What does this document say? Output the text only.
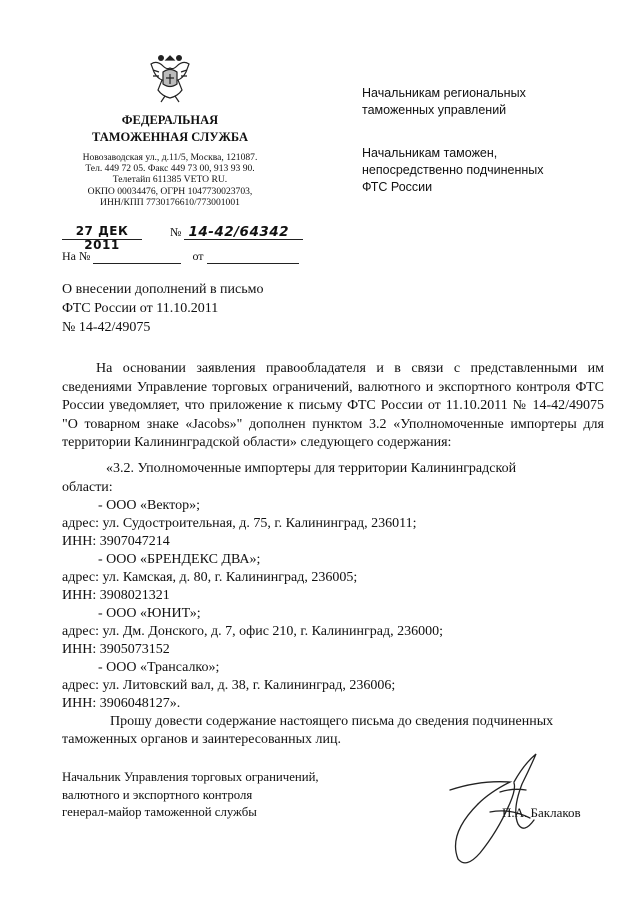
ФЕДЕРАЛЬНАЯ
ТАМОЖЕННАЯ СЛУЖБА
Новозаводская ул., д.11/5, Москва, 121087.
Тел. 449 72 05. Факс 449 73 00, 913 93 90.
Телетайп 611385 VETO RU.
ОКПО 00034476, ОГРН 1047730023703,
ИНН/КПП 7730176610/773001001
27 ДЕК 2011
№ 14-42/64342
На №	от
Начальникам региональных
таможенных управлений
Начальникам таможен,
непосредственно подчиненных
ФТС России
О внесении дополнений в письмо
ФТС России от 11.10.2011
№ 14-42/49075
На основании заявления правообладателя и в связи с представленными им сведениями Управление торговых ограничений, валютного и экспортного контроля ФТС России уведомляет, что приложение к письму ФТС России от 11.10.2011 № 14-42/49075 "О товарном знаке «Jacobs»" дополнен пунктом 3.2 «Уполномоченные импортеры для территории Калининградской области» следующего содержания:
«3.2. Уполномоченные импортеры для территории Калининградской
области:
- ООО «Вектор»;
адрес: ул. Судостроительная, д. 75, г. Калининград, 236011;
ИНН: 3907047214
- ООО «БРЕНДЕКС ДВА»;
адрес: ул. Камская, д. 80, г. Калининград, 236005;
ИНН: 3908021321
- ООО «ЮНИТ»;
адрес: ул. Дм. Донского, д. 7, офис 210, г. Калининград, 236000;
ИНН: 3905073152
- ООО «Трансалко»;
адрес: ул. Литовский вал, д. 38, г. Калининград, 236006;
ИНН: 3906048127».
Прошу довести содержание настоящего письма до сведения подчиненных
таможенных органов и заинтересованных лиц.
Начальник Управления торговых ограничений,
валютного и экспортного контроля
генерал-майор таможенной службы	П.А. Баклаков
